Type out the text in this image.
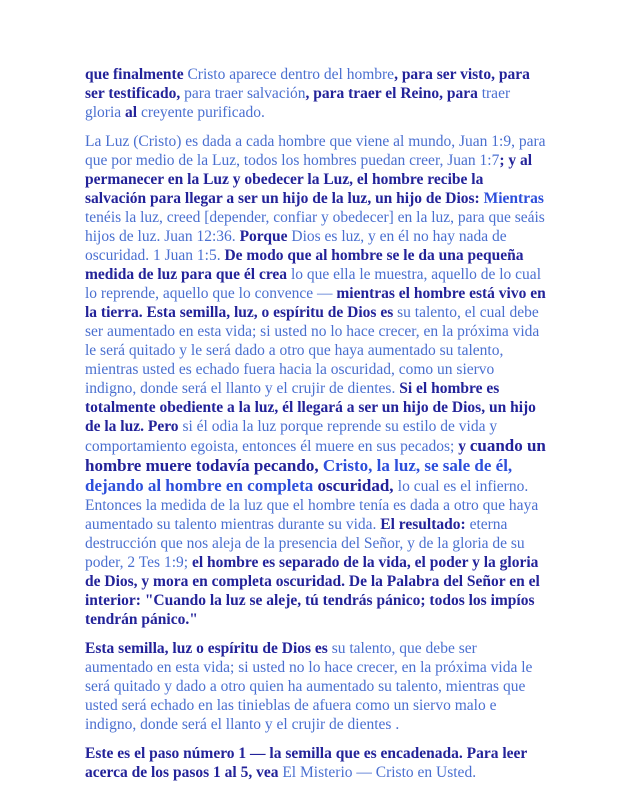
que finalmente Cristo aparece dentro del hombre, para ser visto, para ser testificado, para traer salvación, para traer el Reino, para traer gloria al creyente purificado.

La Luz (Cristo) es dada a cada hombre que viene al mundo, Juan 1:9, para que por medio de la Luz, todos los hombres puedan creer, Juan 1:7; y al permanecer en la Luz y obedecer la Luz, el hombre recibe la salvación para llegar a ser un hijo de la luz, un hijo de Dios: Mientras tenéis la luz, creed [depender, confiar y obedecer] en la luz, para que seáis hijos de luz. Juan 12:36. Porque Dios es luz, y en él no hay nada de oscuridad. 1 Juan 1:5. De modo que al hombre se le da una pequeña medida de luz para que él crea lo que ella le muestra, aquello de lo cual lo reprende, aquello que lo convence — mientras el hombre está vivo en la tierra. Esta semilla, luz, o espíritu de Dios es su talento, el cual debe ser aumentado en esta vida; si usted no lo hace crecer, en la próxima vida le será quitado y le será dado a otro que haya aumentado su talento, mientras usted es echado fuera hacia la oscuridad, como un siervo indigno, donde será el llanto y el crujir de dientes. Si el hombre es totalmente obediente a la luz, él llegará a ser un hijo de Dios, un hijo de la luz. Pero si él odia la luz porque reprende su estilo de vida y comportamiento egoista, entonces él muere en sus pecados; y cuando un hombre muere todavía pecando, Cristo, la luz, se sale de él, dejando al hombre en completa oscuridad, lo cual es el infierno. Entonces la medida de la luz que el hombre tenía es dada a otro que haya aumentado su talento mientras durante su vida. El resultado: eterna destrucción que nos aleja de la presencia del Señor, y de la gloria de su poder, 2 Tes 1:9; el hombre es separado de la vida, el poder y la gloria de Dios, y mora en completa oscuridad. De la Palabra del Señor en el interior: "Cuando la luz se aleje, tú tendrás pánico; todos los impíos tendrán pánico."

Esta semilla, luz o espíritu de Dios es su talento, que debe ser aumentado en esta vida; si usted no lo hace crecer, en la próxima vida le será quitado y dado a otro quien ha aumentado su talento, mientras que usted será echado en las tinieblas de afuera como un siervo malo e indigno, donde será el llanto y el crujir de dientes .

Este es el paso número 1 — la semilla que es encadenada. Para leer acerca de los pasos 1 al 5, vea El Misterio — Cristo en Usted.
